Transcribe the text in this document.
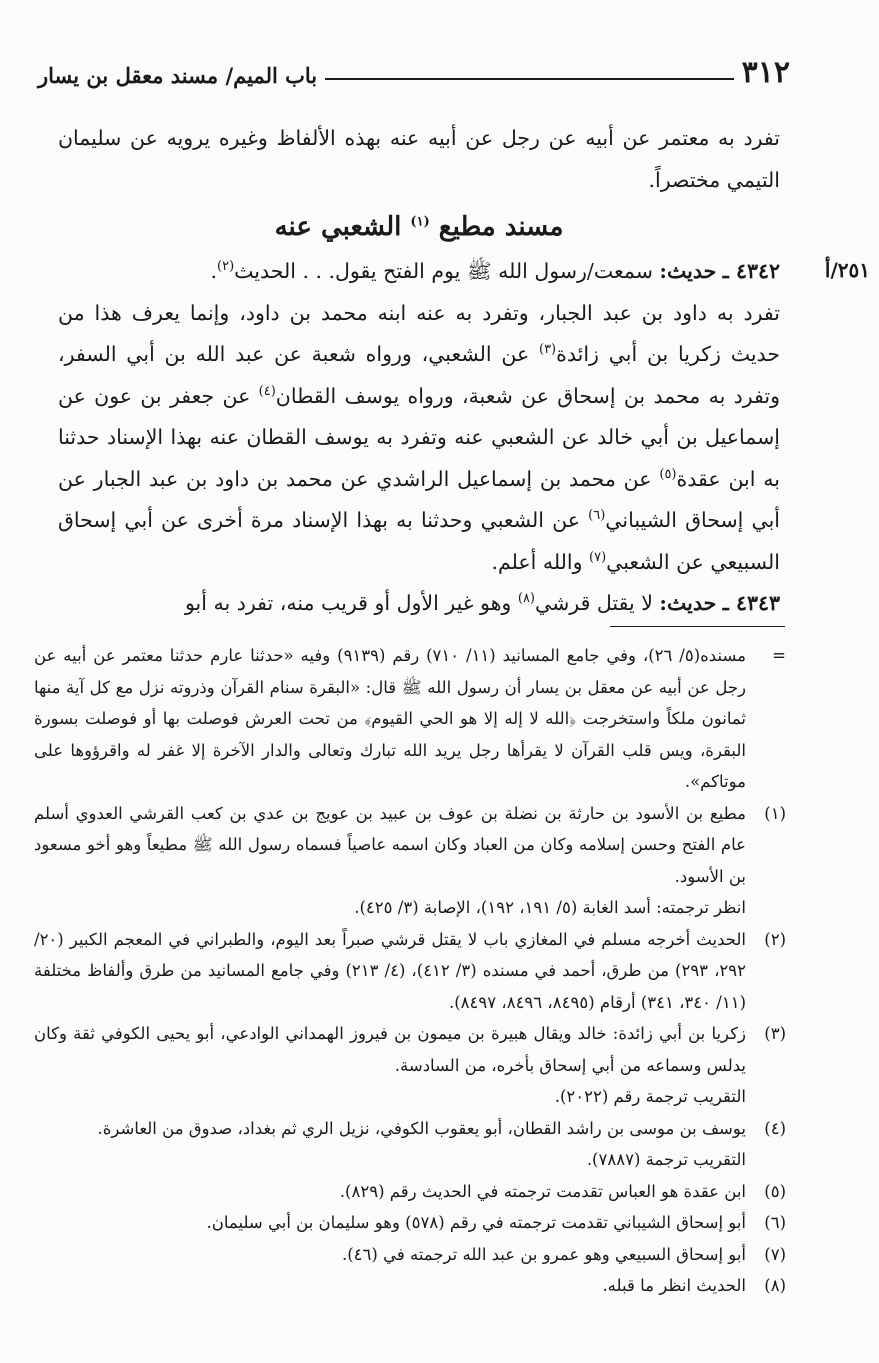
٣١٢
باب الميم/ مسند معقل بن يسار
٢٥١/أ

تفرد به معتمر عن أبيه عن رجل عن أبيه عنه بهذه الألفاظ وغيره يرويه عن سليمان التيمي مختصراً.

مسند مطيع $^{(١)}$ الشعبي عنه

٤٣٤٢ ـ حديث: سمعت/رسول الله ﷺ يوم الفتح يقول. . . الحديث$^{(٢)}$.

تفرد به داود بن عبد الجبار، وتفرد به عنه ابنه محمد بن داود، وإنما يعرف هذا من حديث زكريا بن أبي زائدة$^{(٣)}$ عن الشعبي، ورواه شعبة عن عبد الله بن أبي السفر، وتفرد به محمد بن إسحاق عن شعبة، ورواه يوسف القطان$^{(٤)}$ عن جعفر بن عون عن إسماعيل بن أبي خالد عن الشعبي عنه وتفرد به يوسف القطان عنه بهذا الإسناد حدثنا به ابن عقدة$^{(٥)}$ عن محمد بن إسماعيل الراشدي عن محمد بن داود بن عبد الجبار عن أبي إسحاق الشيباني$^{(٦)}$ عن الشعبي وحدثنا به بهذا الإسناد مرة أخرى عن أبي إسحاق السبيعي عن الشعبي$^{(٧)}$ والله أعلم.

٤٣٤٣ ـ حديث: لا يقتل قرشي$^{(٨)}$ وهو غير الأول أو قريب منه، تفرد به أبو

=
مسنده(٥/ ٢٦)، وفي جامع المسانيد (١١/ ٧١٠) رقم (٩١٣٩) وفيه «حدثنا عارم حدثنا معتمر عن أبيه عن رجل عن أبيه عن معقل بن يسار أن رسول الله ﷺ قال: «البقرة سنام القرآن وذروته نزل مع كل آية منها ثمانون ملكاً واستخرجت ﴿الله لا إله إلا هو الحي القيوم﴾ من تحت العرش فوصلت بها أو فوصلت بسورة البقرة، ويس قلب القرآن لا يقرأها رجل يريد الله تبارك وتعالى والدار الآخرة إلا غفر له واقرؤوها على موتاكم».
(١)
مطيع بن الأسود بن حارثة بن نضلة بن عوف بن عبيد بن عويج بن عدي بن كعب القرشي العدوي أسلم عام الفتح وحسن إسلامه وكان من العباد وكان اسمه عاصياً فسماه رسول الله ﷺ مطيعاً وهو أخو مسعود بن الأسود.
انظر ترجمته: أسد الغابة (٥/ ١٩١، ١٩٢)، الإصابة (٣/ ٤٢٥).
(٢)
الحديث أخرجه مسلم في المغازي باب لا يقتل قرشي صبراً بعد اليوم، والطبراني في المعجم الكبير (٢٠/ ٢٩٢، ٢٩٣) من طرق، أحمد في مسنده (٣/ ٤١٢)، (٤/ ٢١٣) وفي جامع المسانيد من طرق وألفاظ مختلفة (١١/ ٣٤٠، ٣٤١) أرقام (٨٤٩٥، ٨٤٩٦، ٨٤٩٧).
(٣)
زكريا بن أبي زائدة: خالد ويقال هبيرة بن ميمون بن فيروز الهمداني الوادعي، أبو يحيى الكوفي ثقة وكان يدلس وسماعه من أبي إسحاق بأخره، من السادسة.
التقريب ترجمة رقم (٢٠٢٢).
(٤)
يوسف بن موسى بن راشد القطان، أبو يعقوب الكوفي، نزيل الري ثم بغداد، صدوق من العاشرة.
التقريب ترجمة (٧٨٨٧).
(٥)
ابن عقدة هو العباس تقدمت ترجمته في الحديث رقم (٨٢٩).
(٦)
أبو إسحاق الشيباني تقدمت ترجمته في رقم (٥٧٨) وهو سليمان بن أبي سليمان.
(٧)
أبو إسحاق السبيعي وهو عمرو بن عبد الله ترجمته في (٤٦).
(٨)
الحديث انظر ما قبله.
